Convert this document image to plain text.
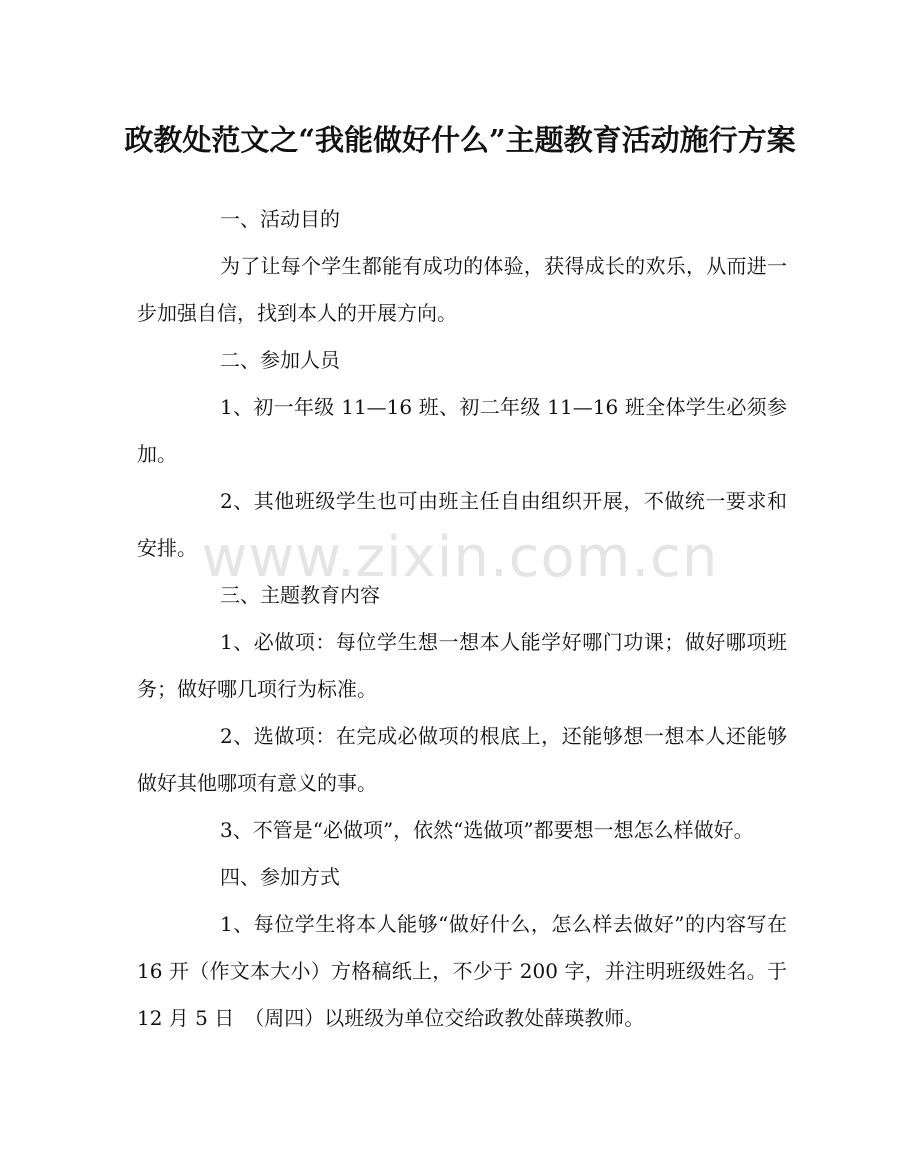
政教处范文之“我能做好什么”主题教育活动施行方案

一、活动目的

为了让每个学生都能有成功的体验，获得成长的欢乐，从而进一步加强自信，找到本人的开展方向。

二、参加人员

1、初一年级 11—16 班、初二年级 11—16 班全体学生必须参加。

2、其他班级学生也可由班主任自由组织开展，不做统一要求和安排。

三、主题教育内容

1、必做项：每位学生想一想本人能学好哪门功课；做好哪项班务；做好哪几项行为标准。

2、选做项：在完成必做项的根底上，还能够想一想本人还能够做好其他哪项有意义的事。

3、不管是“必做项”，依然“选做项”都要想一想怎么样做好。

四、参加方式

1、每位学生将本人能够“做好什么，怎么样去做好”的内容写在 16 开（作文本大小）方格稿纸上，不少于 200 字，并注明班级姓名。于　12 月 5 日　（周四）以班级为单位交给政教处薛瑛教师。

www.zixin.com.cn
